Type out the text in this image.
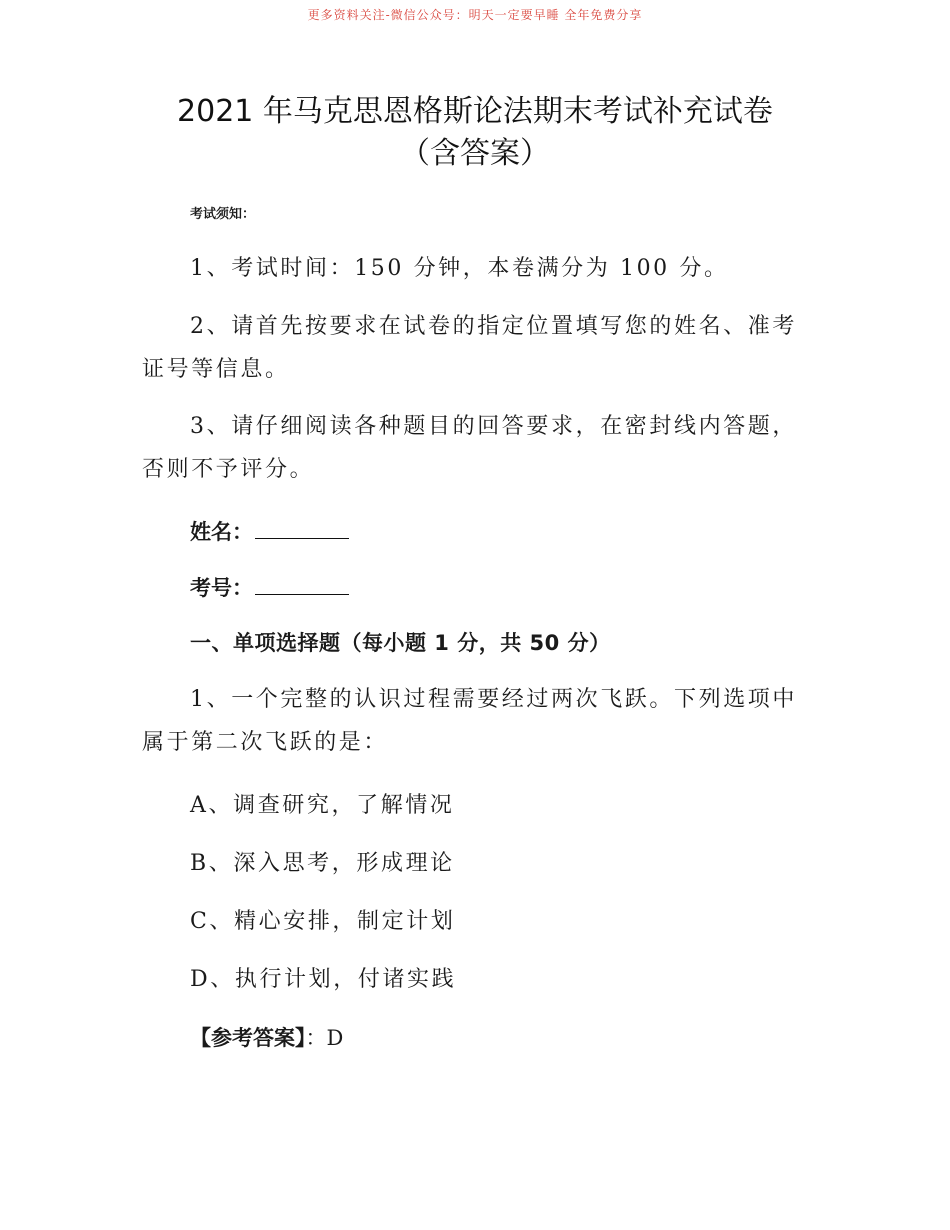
更多资料关注-微信公众号：明天一定要早睡 全年免费分享
2021 年马克思恩格斯论法期末考试补充试卷
（含答案）
考试须知：
1、考试时间：150 分钟，本卷满分为 100 分。
2、请首先按要求在试卷的指定位置填写您的姓名、准考证号等信息。
3、请仔细阅读各种题目的回答要求，在密封线内答题，否则不予评分。
姓名：
考号：
一、单项选择题（每小题 1 分，共 50 分）
1、一个完整的认识过程需要经过两次飞跃。下列选项中属于第二次飞跃的是：
A、调查研究，了解情况
B、深入思考，形成理论
C、精心安排，制定计划
D、执行计划，付诸实践
【参考答案】：D
